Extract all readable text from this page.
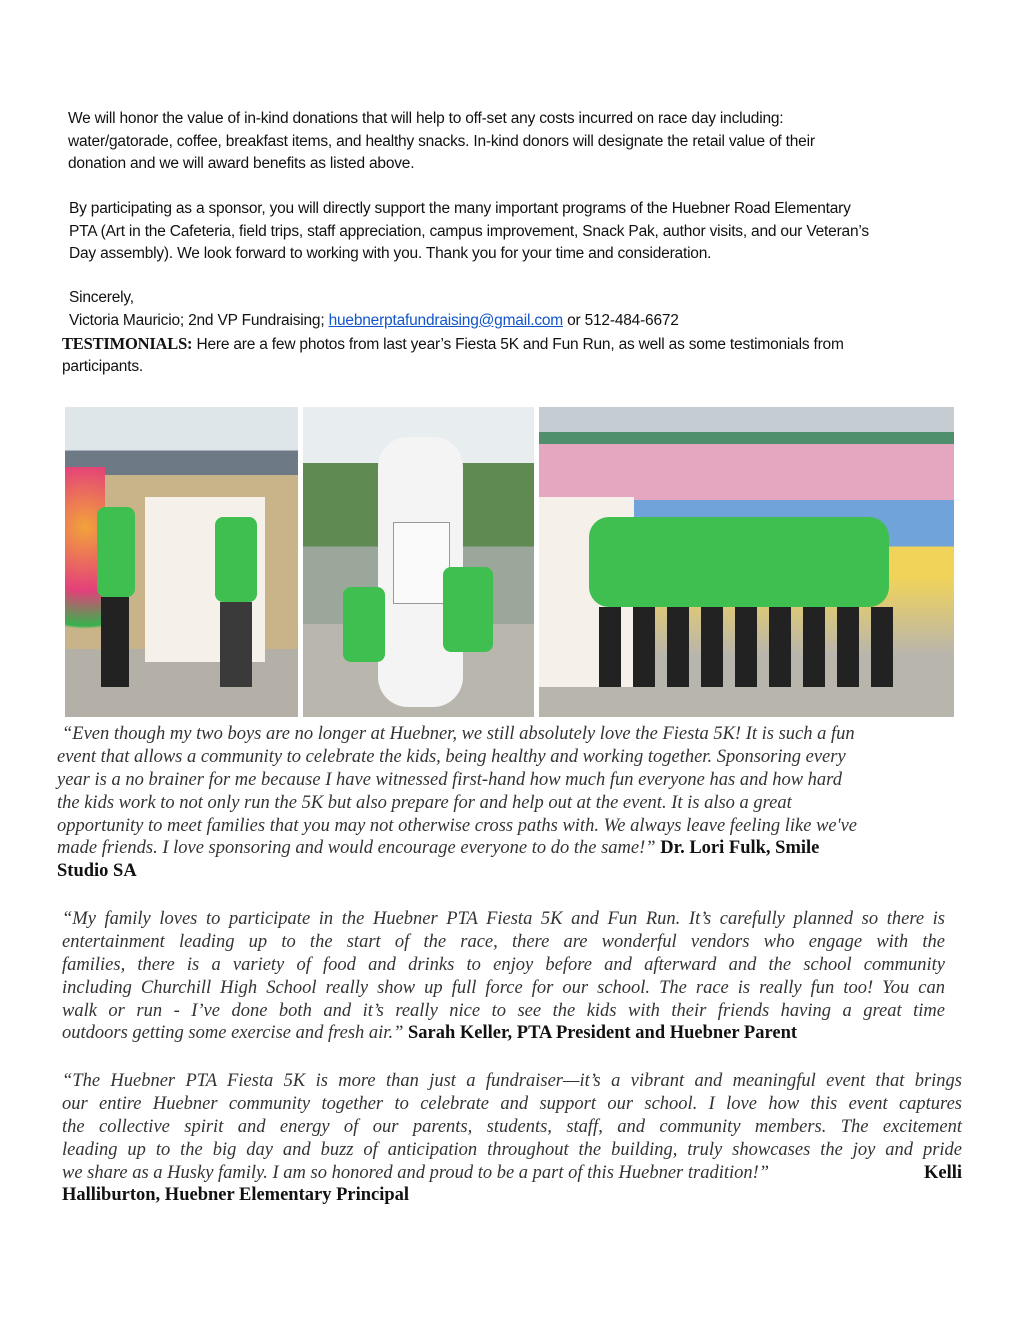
We will honor the value of in-kind donations that will help to off-set any costs incurred on race day including:
water/gatorade, coffee, breakfast items, and healthy snacks. In-kind donors will designate the retail value of their
donation and we will award benefits as listed above.
By participating as a sponsor, you will directly support the many important programs of the Huebner Road Elementary
PTA (Art in the Cafeteria, field trips, staff appreciation, campus improvement, Snack Pak, author visits, and our Veteran’s
Day assembly). We look forward to working with you. Thank you for your time and consideration.
Sincerely,
Victoria Mauricio; 2nd VP Fundraising; huebnerptafundraising@gmail.com or 512-484-6672
TESTIMONIALS: Here are a few photos from last year’s Fiesta 5K and Fun Run, as well as some testimonials from
participants.
“Even though my two boys are no longer at Huebner, we still absolutely love the Fiesta 5K! It is such a fun
event that allows a community to celebrate the kids, being healthy and working together. Sponsoring every
year is a no brainer for me because I have witnessed first-hand how much fun everyone has and how hard
the kids work to not only run the 5K but also prepare for and help out at the event. It is also a great
opportunity to meet families that you may not otherwise cross paths with. We always leave feeling like we've
made friends. I love sponsoring and would encourage everyone to do the same!” Dr. Lori Fulk, Smile
Studio SA
“My family loves to participate in the Huebner PTA Fiesta 5K and Fun Run. It’s carefully planned so there is
entertainment leading up to the start of the race, there are wonderful vendors who engage with the
families, there is a variety of food and drinks to enjoy before and afterward and the school community
including Churchill High School really show up full force for our school. The race is really fun too! You can
walk or run - I’ve done both and it’s really nice to see the kids with their friends having a great time
outdoors getting some exercise and fresh air.” Sarah Keller, PTA President and Huebner Parent
“The Huebner PTA Fiesta 5K is more than just a fundraiser—it’s a vibrant and meaningful event that brings
our entire Huebner community together to celebrate and support our school. I love how this event captures
the collective spirit and energy of our parents, students, staff, and community members. The excitement
leading up to the big day and buzz of anticipation throughout the building, truly showcases the joy and pride
we share as a Husky family. I am so honored and proud to be a part of this Huebner tradition!”	Kelli
Halliburton, Huebner Elementary Principal
